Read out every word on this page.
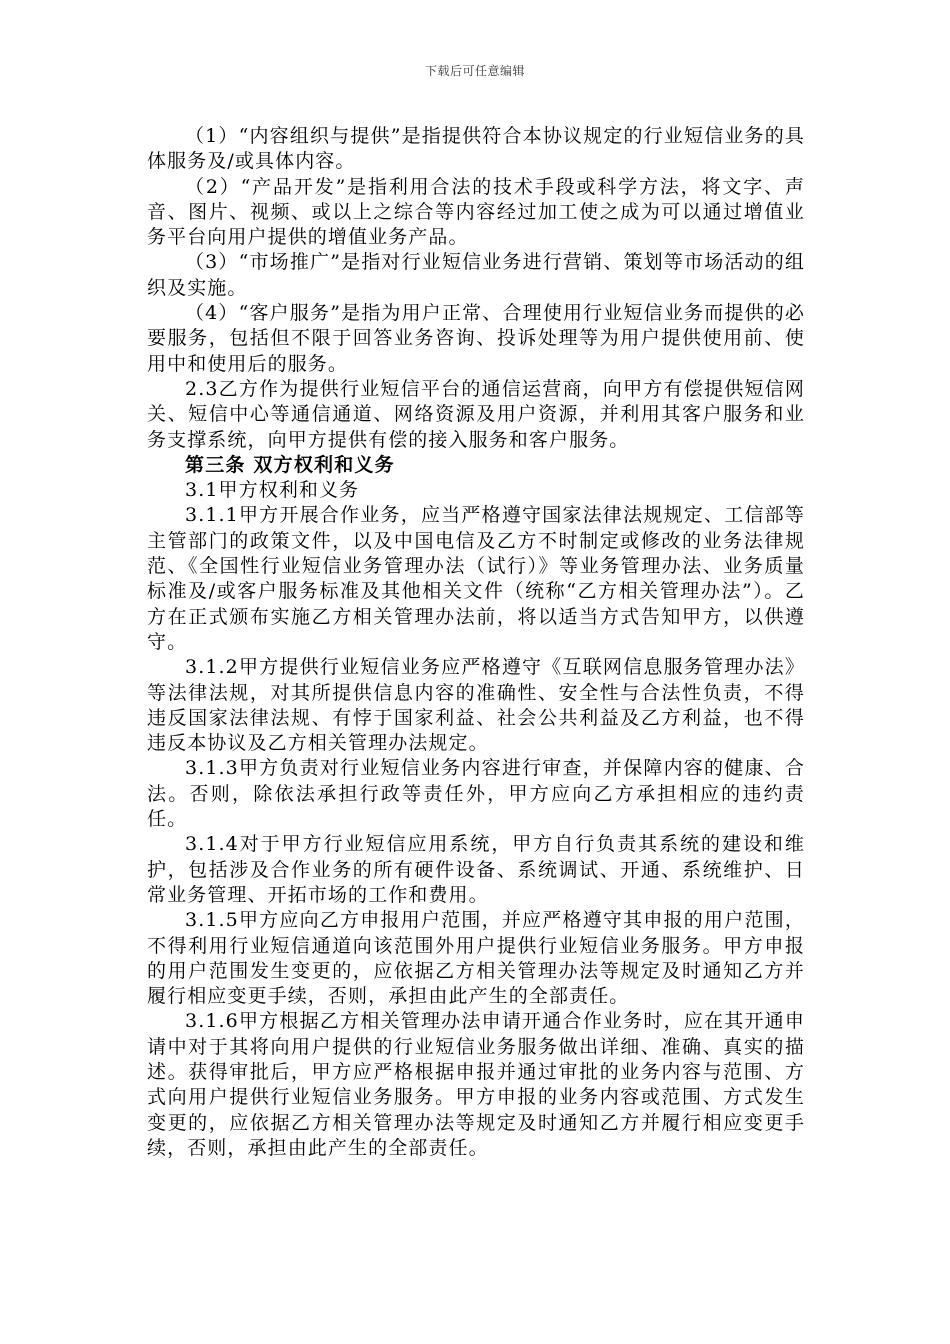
下载后可任意编辑

（1）“内容组织与提供”是指提供符合本协议规定的行业短信业务的具体服务及/或具体内容。

（2）“产品开发”是指利用合法的技术手段或科学方法，将文字、声音、图片、视频、或以上之综合等内容经过加工使之成为可以通过增值业务平台向用户提供的增值业务产品。

（3）“市场推广”是指对行业短信业务进行营销、策划等市场活动的组织及实施。

（4）“客户服务”是指为用户正常、合理使用行业短信业务而提供的必要服务，包括但不限于回答业务咨询、投诉处理等为用户提供使用前、使用中和使用后的服务。

2.3乙方作为提供行业短信平台的通信运营商，向甲方有偿提供短信网关、短信中心等通信通道、网络资源及用户资源，并利用其客户服务和业务支撑系统，向甲方提供有偿的接入服务和客户服务。

第三条 双方权利和义务

3.1甲方权利和义务

3.1.1甲方开展合作业务，应当严格遵守国家法律法规规定、工信部等主管部门的政策文件，以及中国电信及乙方不时制定或修改的业务法律规范、《全国性行业短信业务管理办法（试行）》等业务管理办法、业务质量标准及/或客户服务标准及其他相关文件（统称“乙方相关管理办法”）。乙方在正式颁布实施乙方相关管理办法前，将以适当方式告知甲方，以供遵守。

3.1.2甲方提供行业短信业务应严格遵守《互联网信息服务管理办法》等法律法规，对其所提供信息内容的准确性、安全性与合法性负责，不得违反国家法律法规、有悖于国家利益、社会公共利益及乙方利益，也不得违反本协议及乙方相关管理办法规定。

3.1.3甲方负责对行业短信业务内容进行审查，并保障内容的健康、合法。否则，除依法承担行政等责任外，甲方应向乙方承担相应的违约责任。

3.1.4对于甲方行业短信应用系统，甲方自行负责其系统的建设和维护，包括涉及合作业务的所有硬件设备、系统调试、开通、系统维护、日常业务管理、开拓市场的工作和费用。

3.1.5甲方应向乙方申报用户范围，并应严格遵守其申报的用户范围，不得利用行业短信通道向该范围外用户提供行业短信业务服务。甲方申报的用户范围发生变更的，应依据乙方相关管理办法等规定及时通知乙方并履行相应变更手续，否则，承担由此产生的全部责任。

3.1.6甲方根据乙方相关管理办法申请开通合作业务时，应在其开通申请中对于其将向用户提供的行业短信业务服务做出详细、准确、真实的描述。获得审批后，甲方应严格根据申报并通过审批的业务内容与范围、方式向用户提供行业短信业务服务。甲方申报的业务内容或范围、方式发生变更的，应依据乙方相关管理办法等规定及时通知乙方并履行相应变更手续，否则，承担由此产生的全部责任。
